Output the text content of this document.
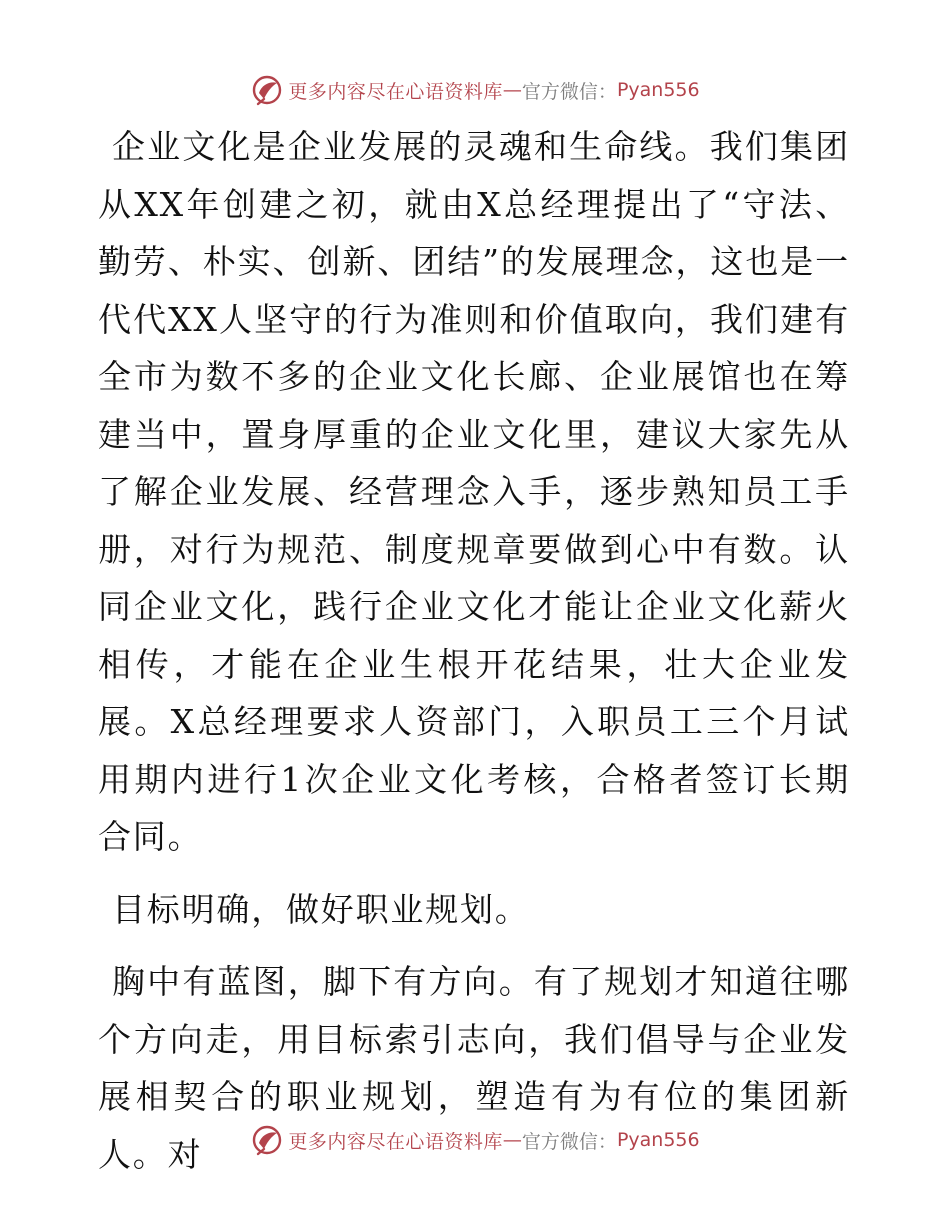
更多内容尽在心语资料库 — 官方微信： Pyan556

企业文化是企业发展的灵魂和生命线。我们集团从XX年创建之初，就由X总经理提出了“守法、勤劳、朴实、创新、团结”的发展理念，这也是一代代XX人坚守的行为准则和价值取向，我们建有全市为数不多的企业文化长廊、企业展馆也在筹建当中，置身厚重的企业文化里，建议大家先从了解企业发展、经营理念入手，逐步熟知员工手册，对行为规范、制度规章要做到心中有数。认同企业文化，践行企业文化才能让企业文化薪火相传，才能在企业生根开花结果，壮大企业发展。X总经理要求人资部门，入职员工三个月试用期内进行1次企业文化考核，合格者签订长期合同。

目标明确，做好职业规划。

胸中有蓝图，脚下有方向。有了规划才知道往哪个方向走，用目标索引志向，我们倡导与企业发展相契合的职业规划，塑造有为有位的集团新人。对	更多内容尽在心语资料库 — 官方微信： Pyan556
